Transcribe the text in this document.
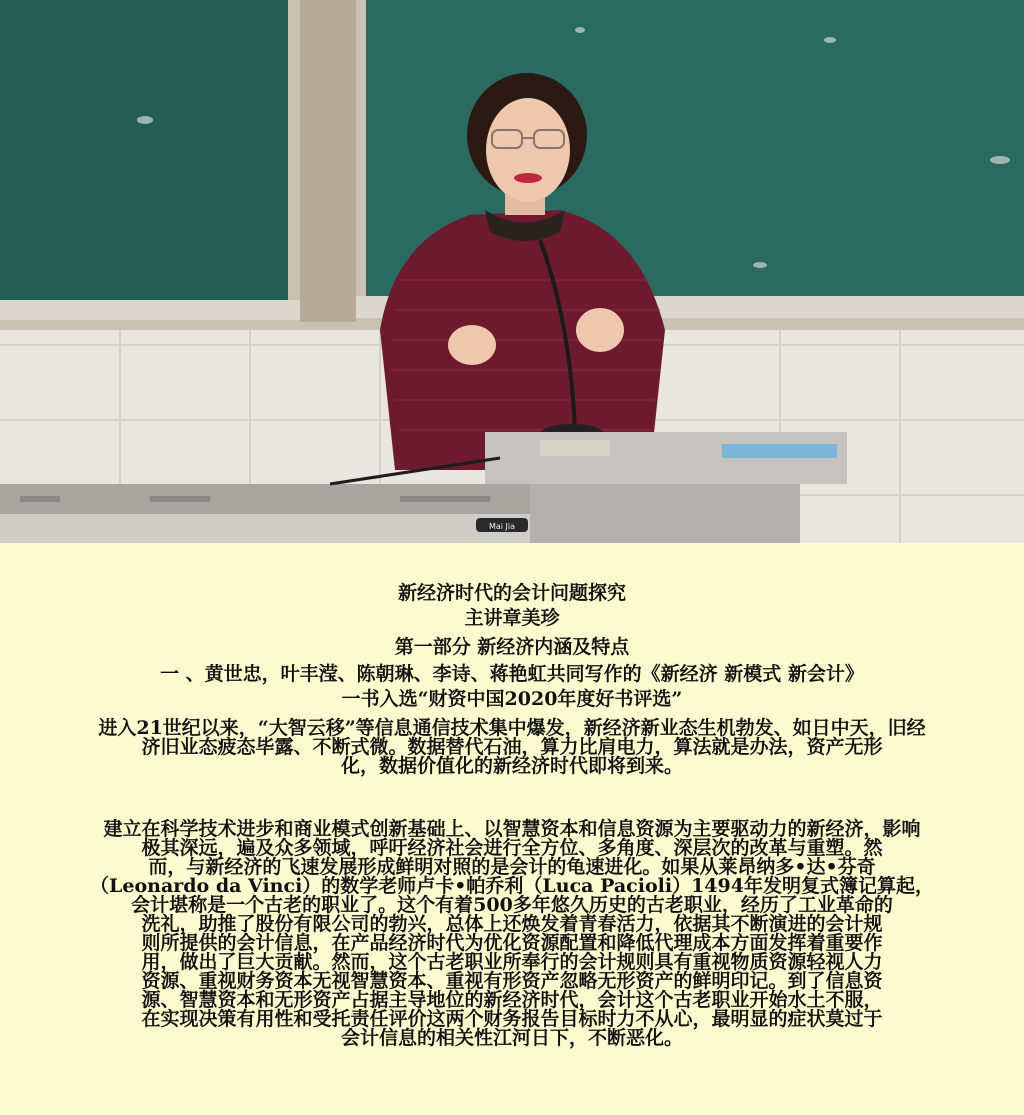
Mai Jia
新经济时代的会计问题探究
主讲章美珍
第一部分 新经济内涵及特点
一 、黄世忠，叶丰滢、陈朝琳、李诗、蒋艳虹共同写作的《新经济 新模式 新会计》
一书入选“财资中国2020年度好书评选”
进入21世纪以来，“大智云移”等信息通信技术集中爆发，新经济新业态生机勃发、如日中天，旧经
济旧业态疲态毕露、不断式微。数据替代石油，算力比肩电力，算法就是办法，资产无形
化，数据价值化的新经济时代即将到来。
建立在科学技术进步和商业模式创新基础上、以智慧资本和信息资源为主要驱动力的新经济，影响
极其深远，遍及众多领域，呼吁经济社会进行全方位、多角度、深层次的改革与重塑。然
而，与新经济的飞速发展形成鲜明对照的是会计的龟速进化。如果从莱昂纳多•达•芬奇
（Leonardo da Vinci）的数学老师卢卡•帕乔利（Luca Pacioli）1494年发明复式簿记算起，
会计堪称是一个古老的职业了。这个有着500多年悠久历史的古老职业，经历了工业革命的
洗礼，助推了股份有限公司的勃兴，总体上还焕发着青春活力，依据其不断演进的会计规
则所提供的会计信息，在产品经济时代为优化资源配置和降低代理成本方面发挥着重要作
用，做出了巨大贡献。然而，这个古老职业所奉行的会计规则具有重视物质资源轻视人力
资源、重视财务资本无视智慧资本、重视有形资产忽略无形资产的鲜明印记。到了信息资
源、智慧资本和无形资产占据主导地位的新经济时代，会计这个古老职业开始水土不服，
在实现决策有用性和受托责任评价这两个财务报告目标时力不从心，最明显的症状莫过于
会计信息的相关性江河日下，不断恶化。
